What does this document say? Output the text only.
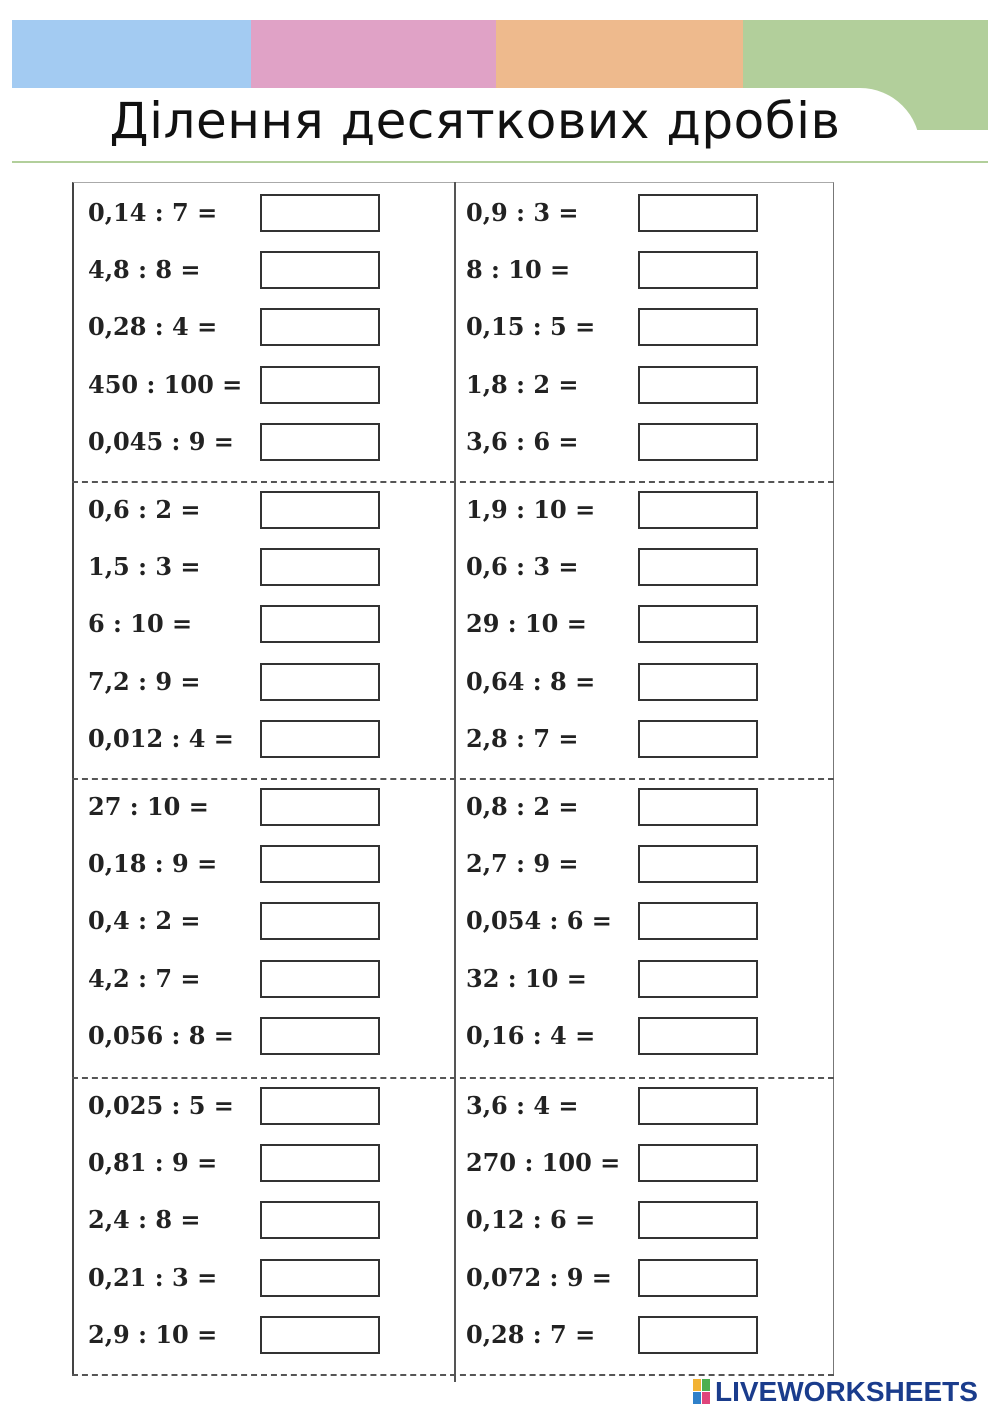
Ділення десяткових дробів
0,14 : 7 =
4,8 : 8 =
0,28 : 4 =
450 : 100 =
0,045 : 9 =
0,6 : 2 =
1,5 : 3 =
6 : 10 =
7,2 : 9 =
0,012 : 4 =
27 : 10 =
0,18 : 9 =
0,4 : 2 =
4,2 : 7 =
0,056 : 8 =
0,025 : 5 =
0,81 : 9 =
2,4 : 8 =
0,21 : 3 =
2,9 : 10 =
0,9 : 3 =
8 : 10 =
0,15 : 5 =
1,8 : 2 =
3,6 : 6 =
1,9 : 10 =
0,6 : 3 =
29 : 10 =
0,64 : 8 =
2,8 : 7 =
0,8 : 2 =
2,7 : 9 =
0,054 : 6 =
32 : 10 =
0,16 : 4 =
3,6 : 4 =
270 : 100 =
0,12 : 6 =
0,072 : 9 =
0,28 : 7 =
LIVEWORKSHEETS
